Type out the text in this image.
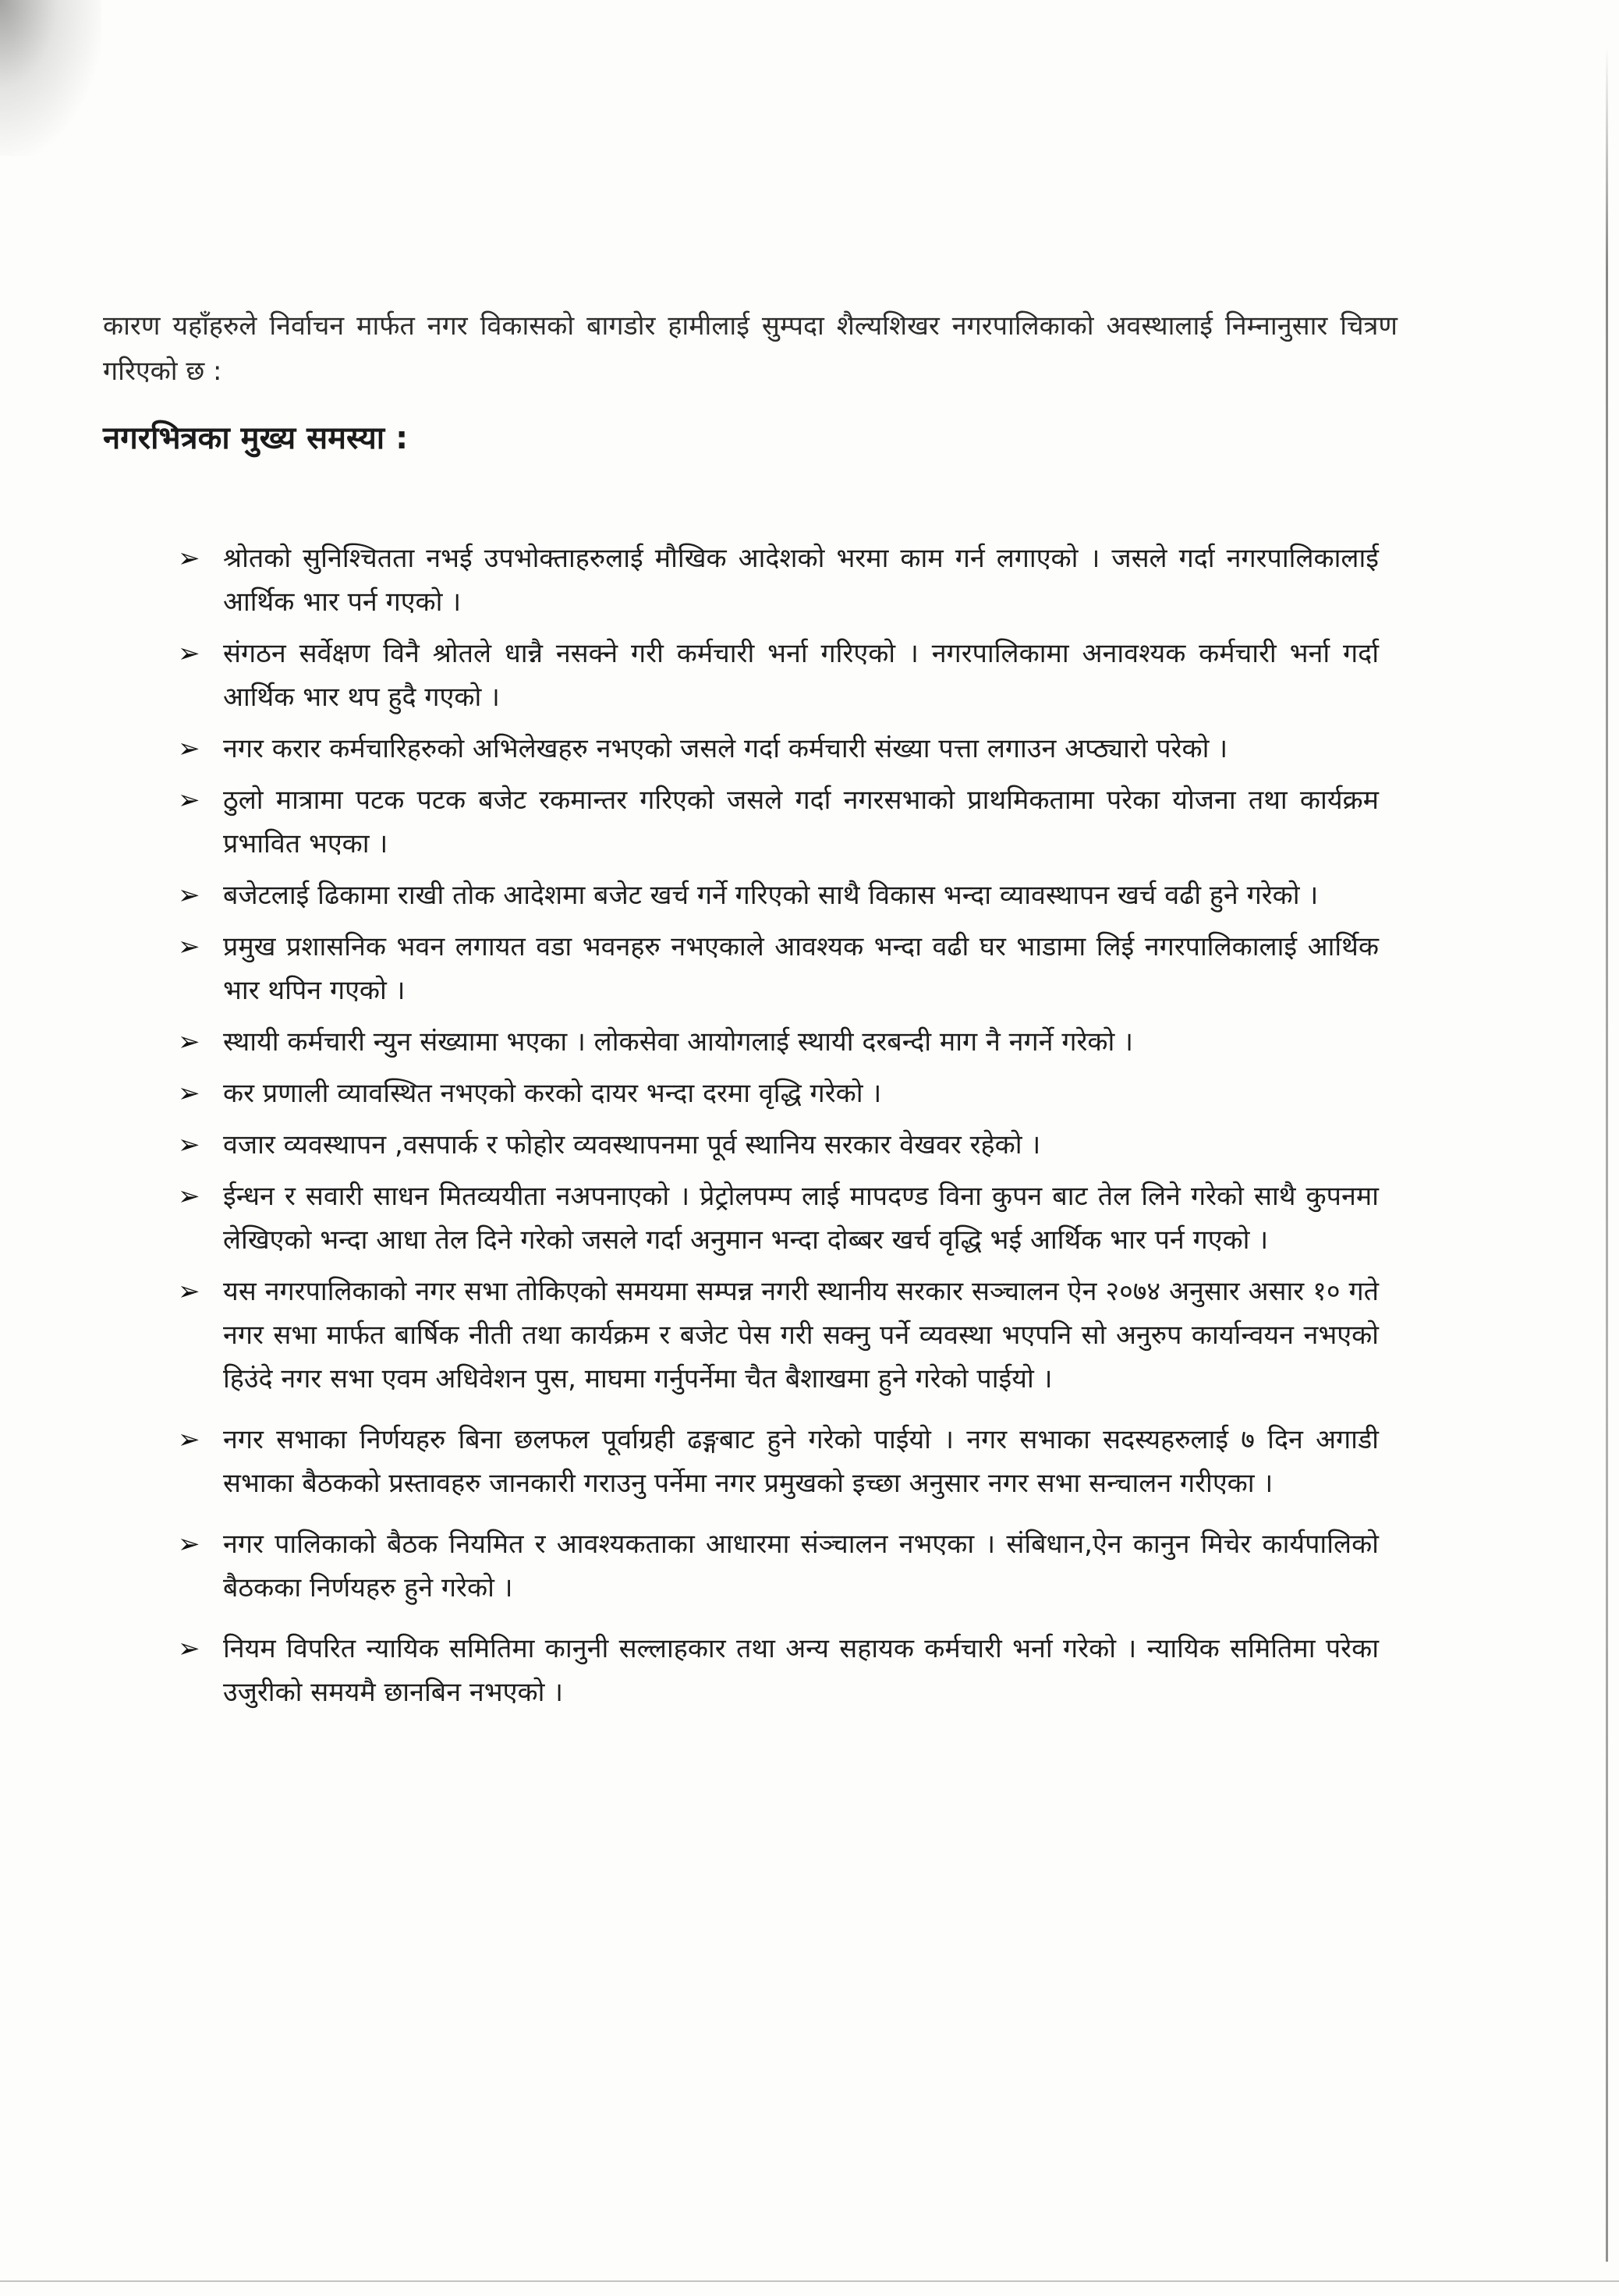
कारण यहाँहरुले निर्वाचन मार्फत नगर विकासको बागडोर हामीलाई सुम्पदा शैल्यशिखर नगरपालिकाको अवस्थालाई निम्नानुसार चित्रण गरिएको छ :

नगरभित्रका मुख्य समस्या :
➢ श्रोतको सुनिश्चितता नभई उपभोक्ताहरुलाई मौखिक आदेशको भरमा काम गर्न लगाएको । जसले गर्दा नगरपालिकालाई आर्थिक भार पर्न गएको ।
➢ संगठन सर्वेक्षण विनै श्रोतले धान्नै नसक्ने गरी कर्मचारी भर्ना गरिएको । नगरपालिकामा अनावश्यक कर्मचारी भर्ना गर्दा आर्थिक भार थप हुदै गएको ।
➢ नगर करार कर्मचारिहरुको अभिलेखहरु नभएको जसले गर्दा कर्मचारी संख्या पत्ता लगाउन अप्ठ्यारो परेको ।
➢ ठुलो मात्रामा पटक पटक बजेट रकमान्तर गरिएको जसले गर्दा नगरसभाको प्राथमिकतामा परेका योजना तथा कार्यक्रम प्रभावित भएका ।
➢ बजेटलाई ढिकामा राखी तोक आदेशमा बजेट खर्च गर्ने गरिएको साथै विकास भन्दा व्यावस्थापन खर्च वढी हुने गरेको ।
➢ प्रमुख प्रशासनिक भवन लगायत वडा भवनहरु नभएकाले आवश्यक भन्दा वढी घर भाडामा लिई नगरपालिकालाई आर्थिक भार थपिन गएको ।
➢ स्थायी कर्मचारी न्युन संख्यामा भएका । लोकसेवा आयोगलाई स्थायी दरबन्दी माग नै नगर्ने गरेको ।
➢ कर प्रणाली व्यावस्थित नभएको करको दायर भन्दा दरमा वृद्धि गरेको ।
➢ वजार व्यवस्थापन ,वसपार्क र फोहोर व्यवस्थापनमा पूर्व स्थानिय सरकार वेखवर रहेको ।
➢ ईन्धन र सवारी साधन मितव्ययीता नअपनाएको । प्रेट्रोलपम्प लाई मापदण्ड विना कुपन बाट तेल लिने गरेको साथै कुपनमा लेखिएको भन्दा आधा तेल दिने गरेको जसले गर्दा अनुमान भन्दा दोब्बर खर्च वृद्धि भई आर्थिक भार पर्न गएको ।
➢ यस नगरपालिकाको नगर सभा तोकिएको समयमा सम्पन्न नगरी स्थानीय सरकार सञ्चालन ऐन २०७४ अनुसार असार १० गते नगर सभा मार्फत बार्षिक नीती तथा कार्यक्रम र बजेट पेस गरी सक्नु पर्ने व्यवस्था भएपनि सो अनुरुप कार्यान्वयन नभएको हिउंदे नगर सभा एवम अधिवेशन पुस, माघमा गर्नुपर्नेमा चैत बैशाखमा हुने गरेको पाईयो ।
➢ नगर सभाका निर्णयहरु बिना छलफल पूर्वाग्रही ढङ्गबाट हुने गरेको पाईयो । नगर सभाका सदस्यहरुलाई ७ दिन अगाडी सभाका बैठकको प्रस्तावहरु जानकारी गराउनु पर्नेमा नगर प्रमुखको इच्छा अनुसार नगर सभा सन्चालन गरीएका ।
➢ नगर पालिकाको बैठक नियमित र आवश्यकताका आधारमा संञ्चालन नभएका । संबिधान,ऐन कानुन मिचेर कार्यपालिको बैठकका निर्णयहरु हुने गरेको ।
➢ नियम विपरित न्यायिक समितिमा कानुनी सल्लाहकार तथा अन्य सहायक कर्मचारी भर्ना गरेको । न्यायिक समितिमा परेका उजुरीको समयमै छानबिन नभएको ।
